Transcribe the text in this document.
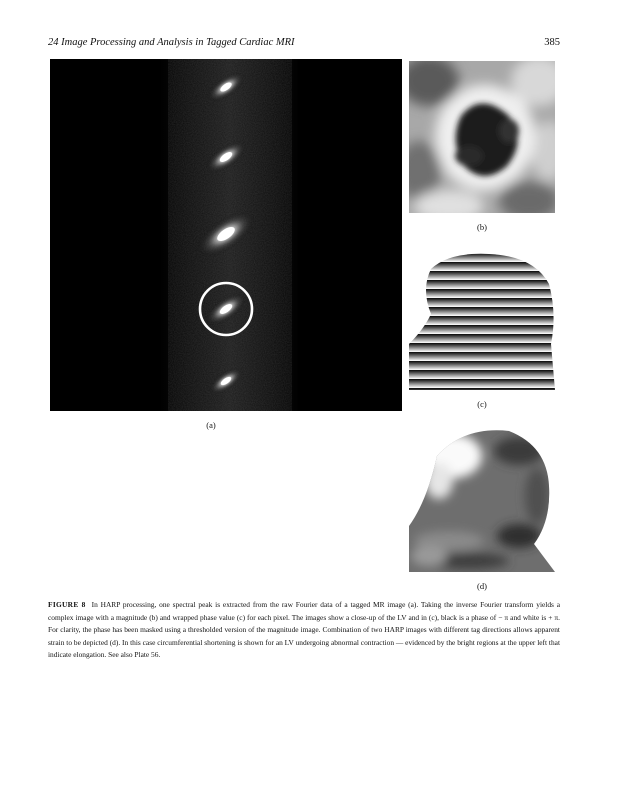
24 Image Processing and Analysis in Tagged Cardiac MRI	385
(a)
(b)
(c)
(d)
FIGURE 8 In HARP processing, one spectral peak is extracted from the raw Fourier data of a tagged MR image (a). Taking the inverse Fourier transform yields a complex image with a magnitude (b) and wrapped phase value (c) for each pixel. The images show a close-up of the LV and in (c), black is a phase of − π and white is + π. For clarity, the phase has been masked using a thresholded version of the magnitude image. Combination of two HARP images with different tag directions allows apparent strain to be depicted (d). In this case circumferential shortening is shown for an LV undergoing abnormal contraction — evidenced by the bright regions at the upper left that indicate elongation. See also Plate 56.
